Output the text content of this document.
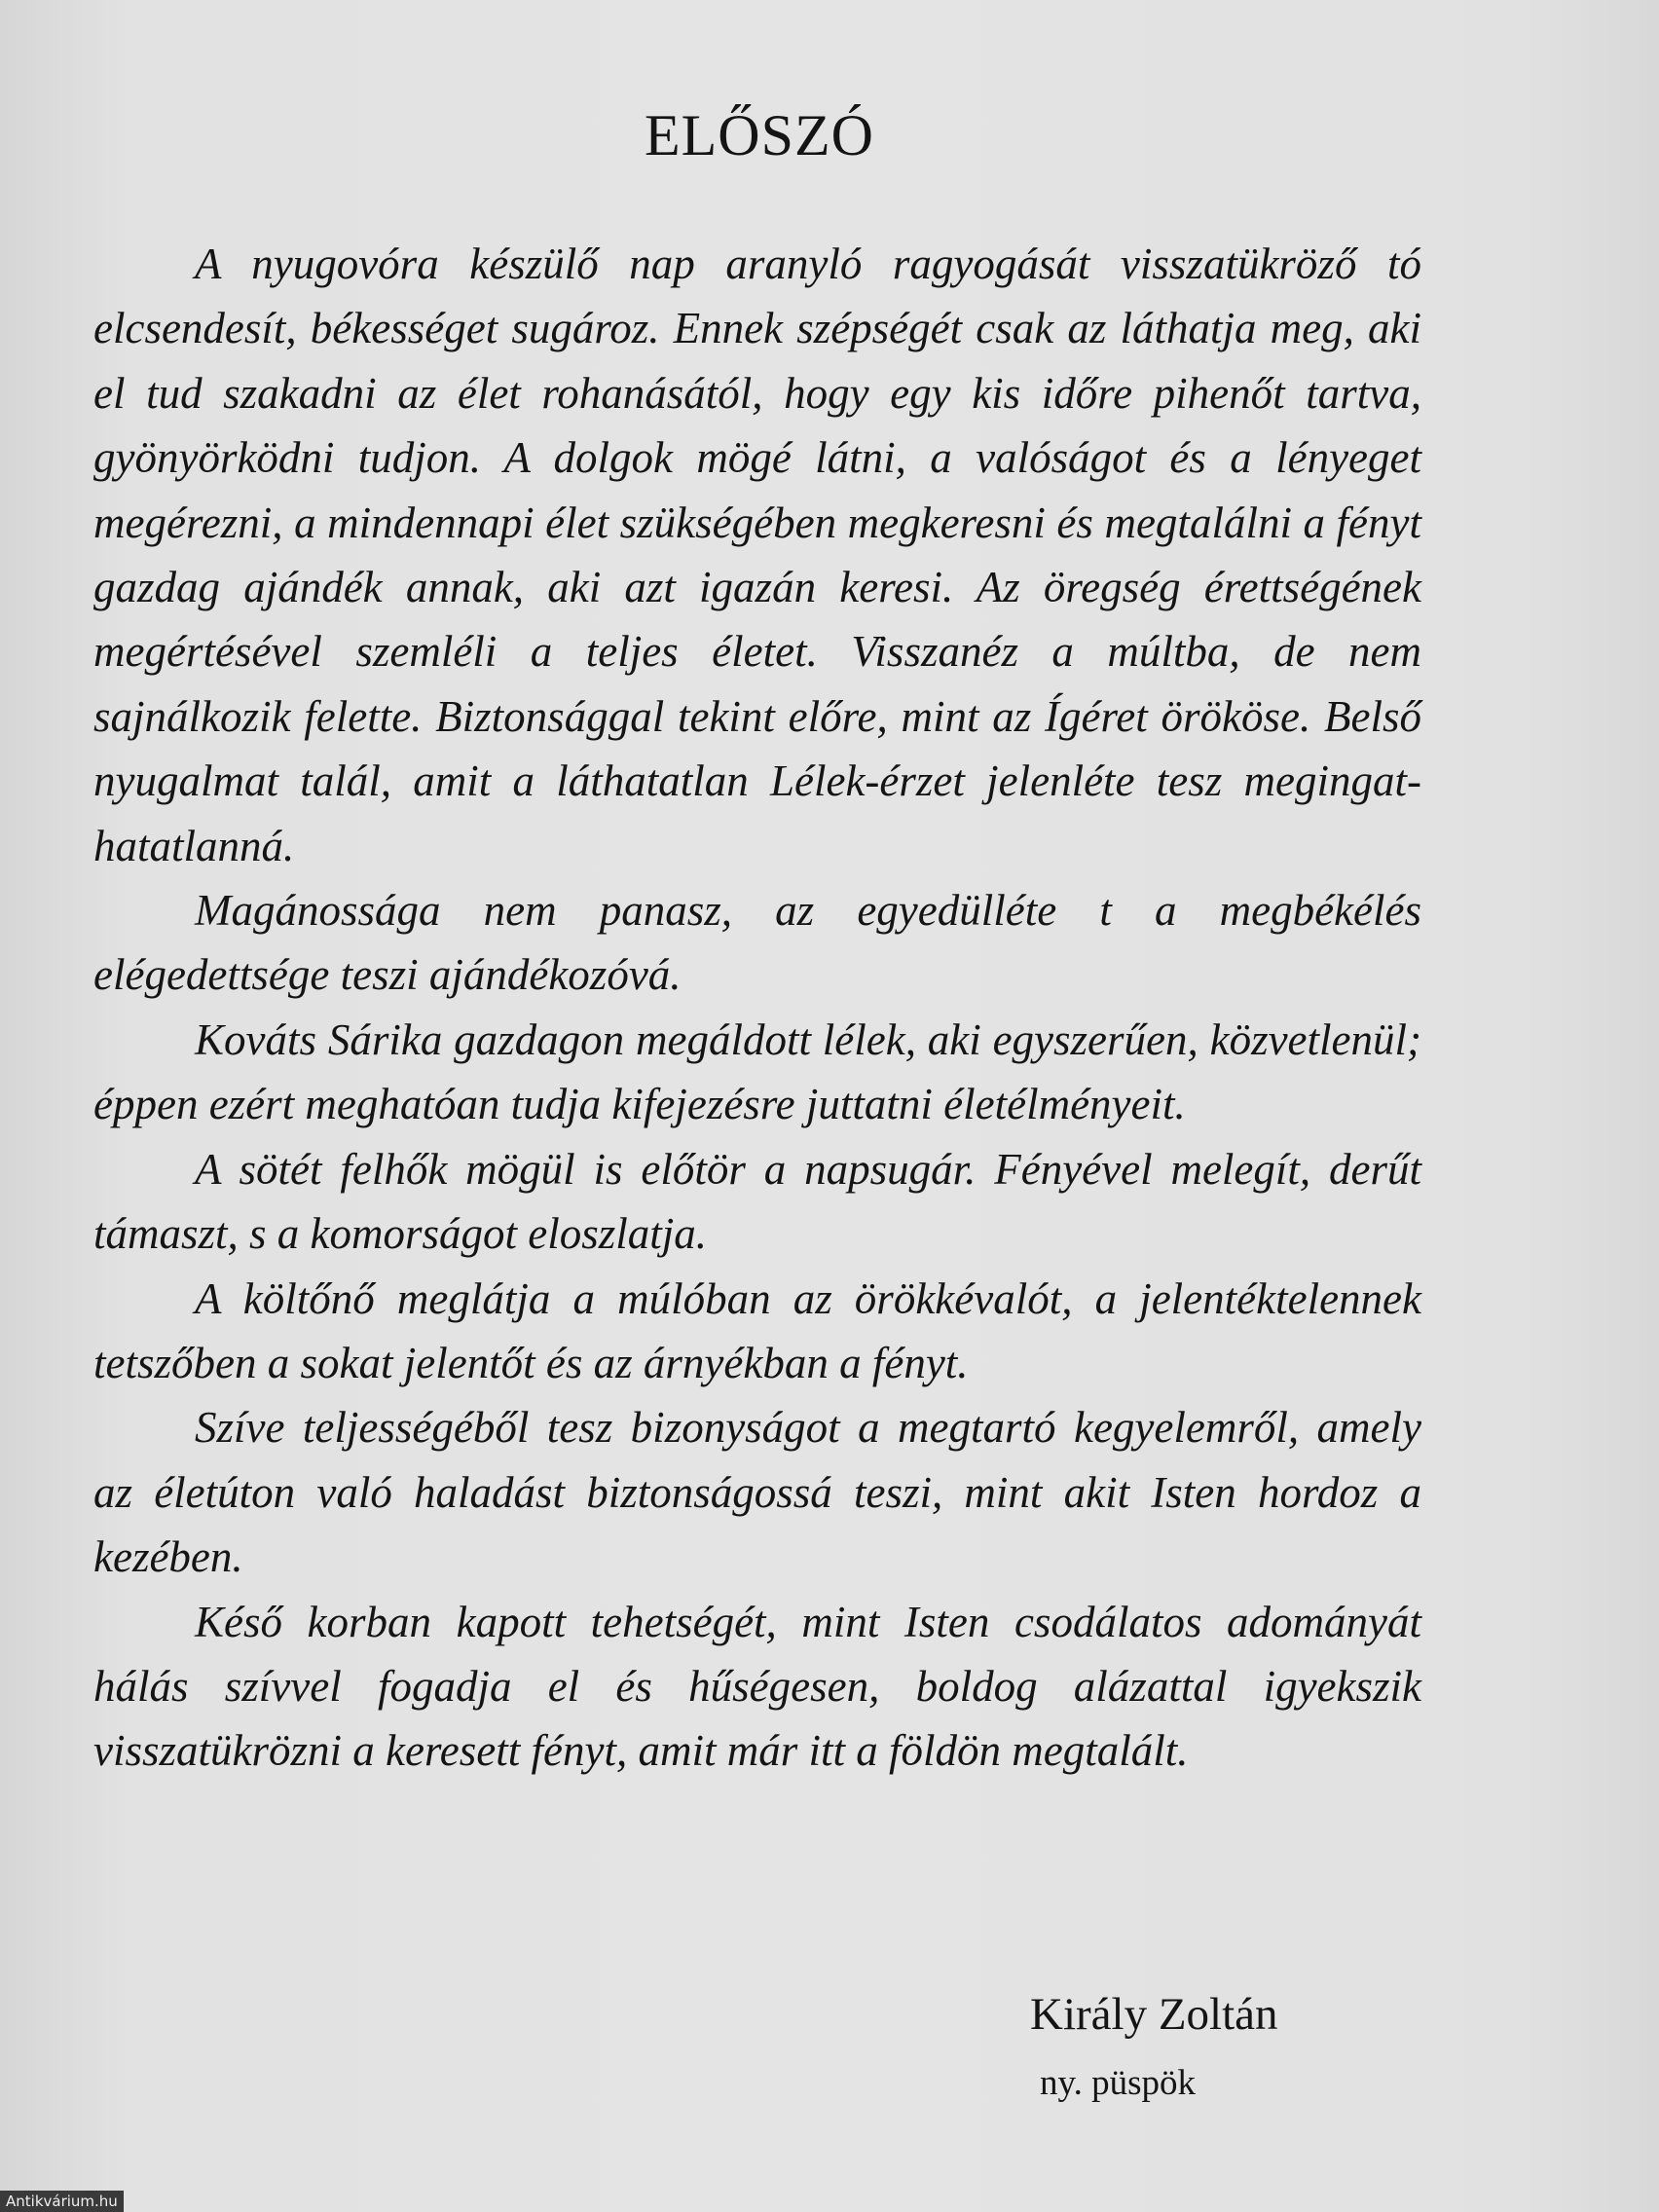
ELŐSZÓ

A nyugovóra készülő nap aranyló ragyogását visszatükröző tó elcsendesít, békességet sugároz. Ennek szépségét csak az láthatja meg, aki el tud szakadni az élet rohanásától, hogy egy kis időre pihenőt tartva, gyönyörködni tudjon. A dolgok mögé látni, a valóságot és a lényeget megérezni, a mindennapi élet szükségében megkeresni és megtalálni a fényt gazdag ajándék annak, aki azt igazán keresi. Az öregség érettségének megértésével szemléli a teljes életet. Visszanéz a múltba, de nem sajnálkozik felette. Biztonsággal tekint előre, mint az Ígéret örököse. Belső nyugalmat talál, amit a láthatatlan Lélek-érzet jelenléte tesz megingathatatlanná.

Magánossága nem panasz, az egyedülléte t a megbékélés elégedettsége teszi ajándékozóvá.

Kováts Sárika gazdagon megáldott lélek, aki egyszerűen, közvetlenül; éppen ezért meghatóan tudja kifejezésre juttatni életélményeit.

A sötét felhők mögül is előtör a napsugár. Fényével melegít, derűt támaszt, s a komorságot eloszlatja.

A költőnő meglátja a múlóban az örökkévalót, a jelentéktelennek tetszőben a sokat jelentőt és az árnyékban a fényt.

Szíve teljességéből tesz bizonyságot a megtartó kegyelemről, amely az életúton való haladást biztonságossá teszi, mint akit Isten hordoz a kezében.

Késő korban kapott tehetségét, mint Isten csodálatos adományát hálás szívvel fogadja el és hűségesen, boldog alázattal igyekszik visszatükrözni a keresett fényt, amit már itt a földön megtalált.

Király Zoltán

ny. püspök

Antikvárium.hu
